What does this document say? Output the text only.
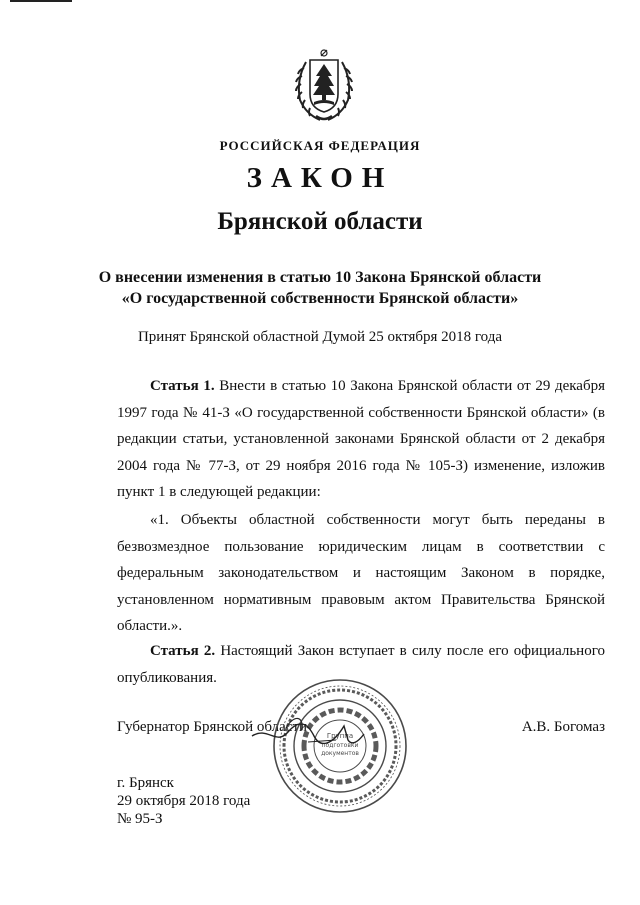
РОССИЙСКАЯ ФЕДЕРАЦИЯ
ЗАКОН
Брянской области
О внесении изменения в статью 10 Закона Брянской области
«О государственной собственности Брянской области»
Принят Брянской областной Думой 25 октября 2018 года
Статья 1. Внести в статью 10 Закона Брянской области от 29 декабря 1997 года № 41-З «О государственной собственности Брянской области» (в редакции статьи, установленной законами Брянской области от 2 декабря 2004 года № 77-З, от 29 ноября 2016 года № 105-З) изменение, изложив пункт 1 в следующей редакции:
«1. Объекты областной собственности могут быть переданы в безвозмездное пользование юридическим лицам в соответствии с федеральным законодательством и настоящим Законом в порядке, установленном нормативным правовым актом Правительства Брянской области.».
Статья 2. Настоящий Закон вступает в силу после его официального опубликования.
Губернатор Брянской области	А.В. Богомаз
Группа
подготовки
документов
г. Брянск
29 октября 2018 года
№ 95-З
